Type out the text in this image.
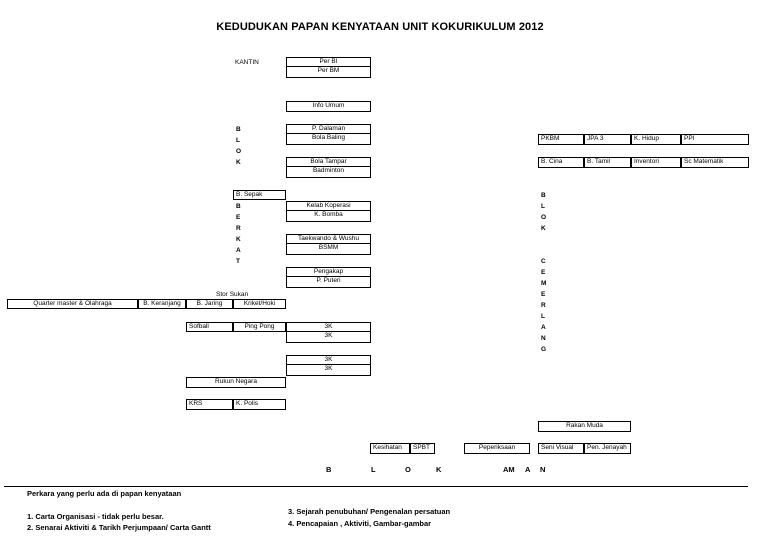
KEDUDUKAN PAPAN KENYATAAN UNIT KOKURIKULUM 2012
KANTIN
Stor Sukan
B
L
O
K
B
E
R
K
A
T
B
L
O
K
C
E
M
E
R
L
A
N
G
Per BI
Per BM
Info Umum
P. Dalaman
Bola Baling
Bola Tampar
Badminton
B. Sepak
Kelab Koperasi
K. Bomba
Taekwando & Wushu
BSMM
Pengakap
P. Puteri
Quarter master & Olahraga	B. Keranjang	B. Jaring	Kriket/Hoki
Sofball	Ping Pong	3K
3K
3K
3K
Rukun Negara
KRS	K. Polis
PKBM	JPA 3	K. Hidup	PPI
B. Cina	B. Tamil	Inventori	Sc Matematik
Rakan Muda
Seni Visual	Pen. Jenayah
Kesihatan	SPBT	Peperiksaan
B	L	O	K	AM A N
Perkara yang perlu ada di papan kenyataan
1. Carta Organisasi - tidak perlu besar.
2. Senarai Aktiviti & Tarikh Perjumpaan/ Carta Gantt
3. Sejarah penubuhan/ Pengenalan persatuan
4. Pencapaian , Aktiviti, Gambar-gambar
